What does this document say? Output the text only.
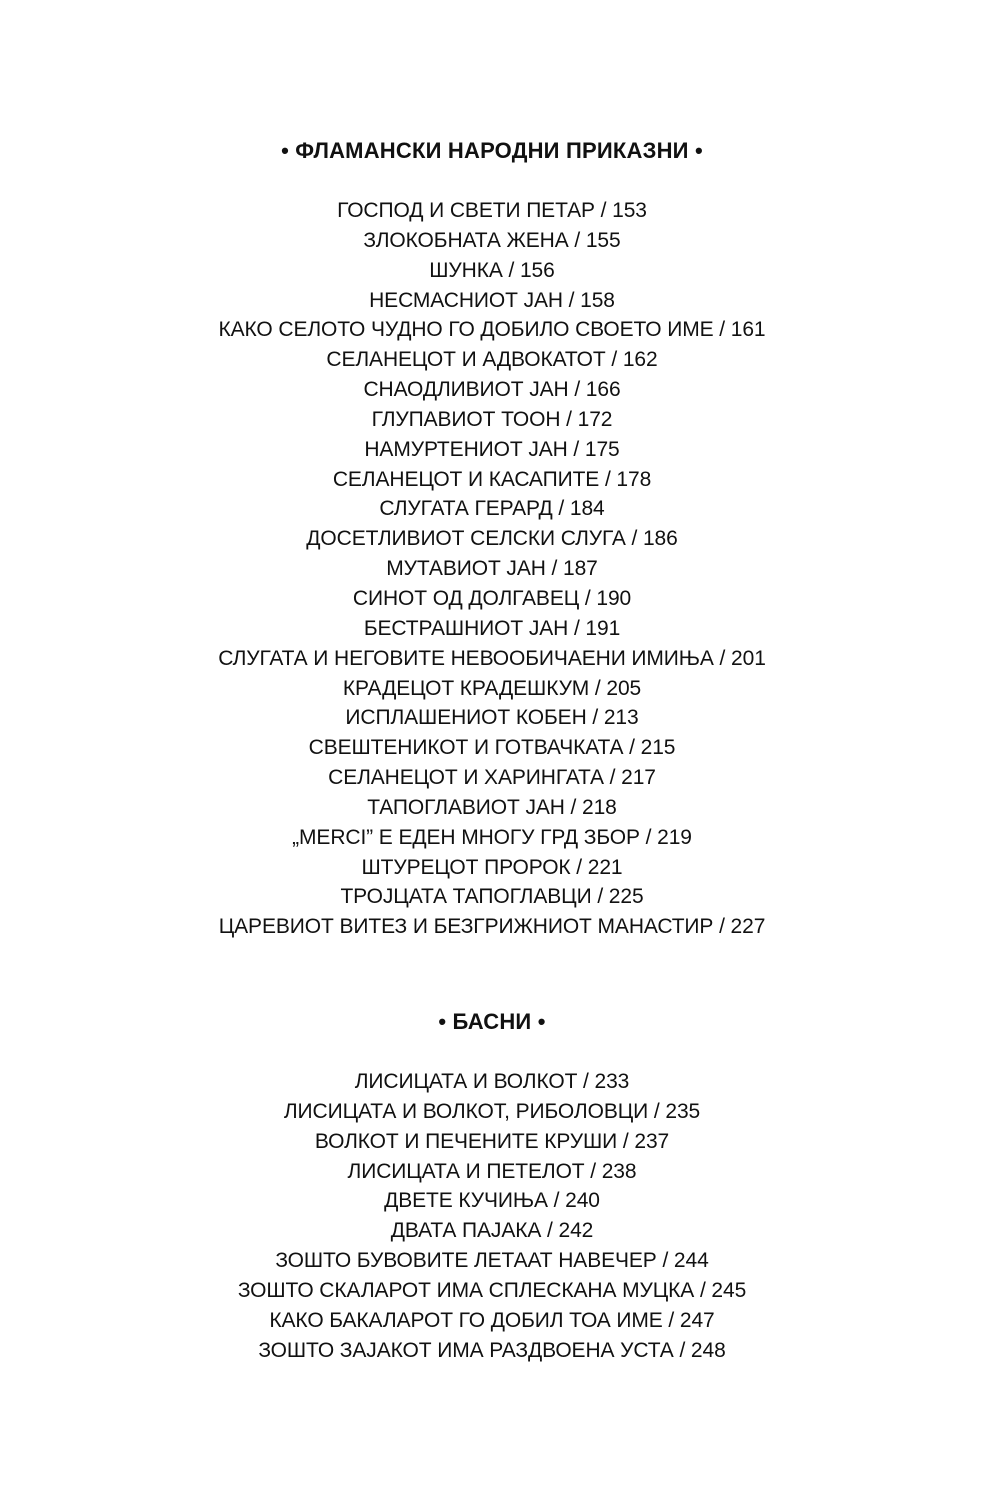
• ФЛАМАНСКИ НАРОДНИ ПРИКАЗНИ •
ГОСПОД И СВЕТИ ПЕТАР / 153
ЗЛОКОБНАТА ЖЕНА / 155
ШУНКА / 156
НЕСМАСНИОТ ЈАН / 158
КАКО СЕЛОТО ЧУДНО ГО ДОБИЛО СВОЕТО ИМЕ / 161
СЕЛАНЕЦОТ И АДВОКАТОТ / 162
СНАОДЛИВИОТ ЈАН / 166
ГЛУПАВИОТ ТООН / 172
НАМУРТЕНИОТ ЈАН / 175
СЕЛАНЕЦОТ И КАСАПИТЕ / 178
СЛУГАТА ГЕРАРД / 184
ДОСЕТЛИВИОТ СЕЛСКИ СЛУГА / 186
МУТАВИОТ ЈАН / 187
СИНОТ ОД ДОЛГАВЕЦ / 190
БЕСТРАШНИОТ ЈАН / 191
СЛУГАТА И НЕГОВИТЕ НЕВООБИЧАЕНИ ИМИЊА / 201
КРАДЕЦОТ КРАДЕШКУМ / 205
ИСПЛАШЕНИОТ КОБЕН / 213
СВЕШТЕНИКОТ И ГОТВАЧКАТА / 215
СЕЛАНЕЦОТ И ХАРИНГАТА / 217
ТАПОГЛАВИОТ ЈАН / 218
„MERCI” Е ЕДЕН МНОГУ ГРД ЗБОР / 219
ШТУРЕЦОТ ПРОРОК / 221
ТРОЈЦАТА ТАПОГЛАВЦИ / 225
ЦАРЕВИОТ ВИТЕЗ И БЕЗГРИЖНИОТ МАНАСТИР / 227
• БАСНИ •
ЛИСИЦАТА И ВОЛКОТ / 233
ЛИСИЦАТА И ВОЛКОТ, РИБОЛОВЦИ / 235
ВОЛКОТ И ПЕЧЕНИТЕ КРУШИ / 237
ЛИСИЦАТА И ПЕТЕЛОТ / 238
ДВЕТЕ КУЧИЊА / 240
ДВАТА ПАЈАКА / 242
ЗОШТО БУВОВИТЕ ЛЕТААТ НАВЕЧЕР / 244
ЗОШТО СКАЛАРОТ ИМА СПЛЕСКАНА МУЦКА / 245
КАКО БАКАЛАРОТ ГО ДОБИЛ ТОА ИМЕ / 247
ЗОШТО ЗАЈАКОТ ИМА РАЗДВОЕНА УСТА / 248
